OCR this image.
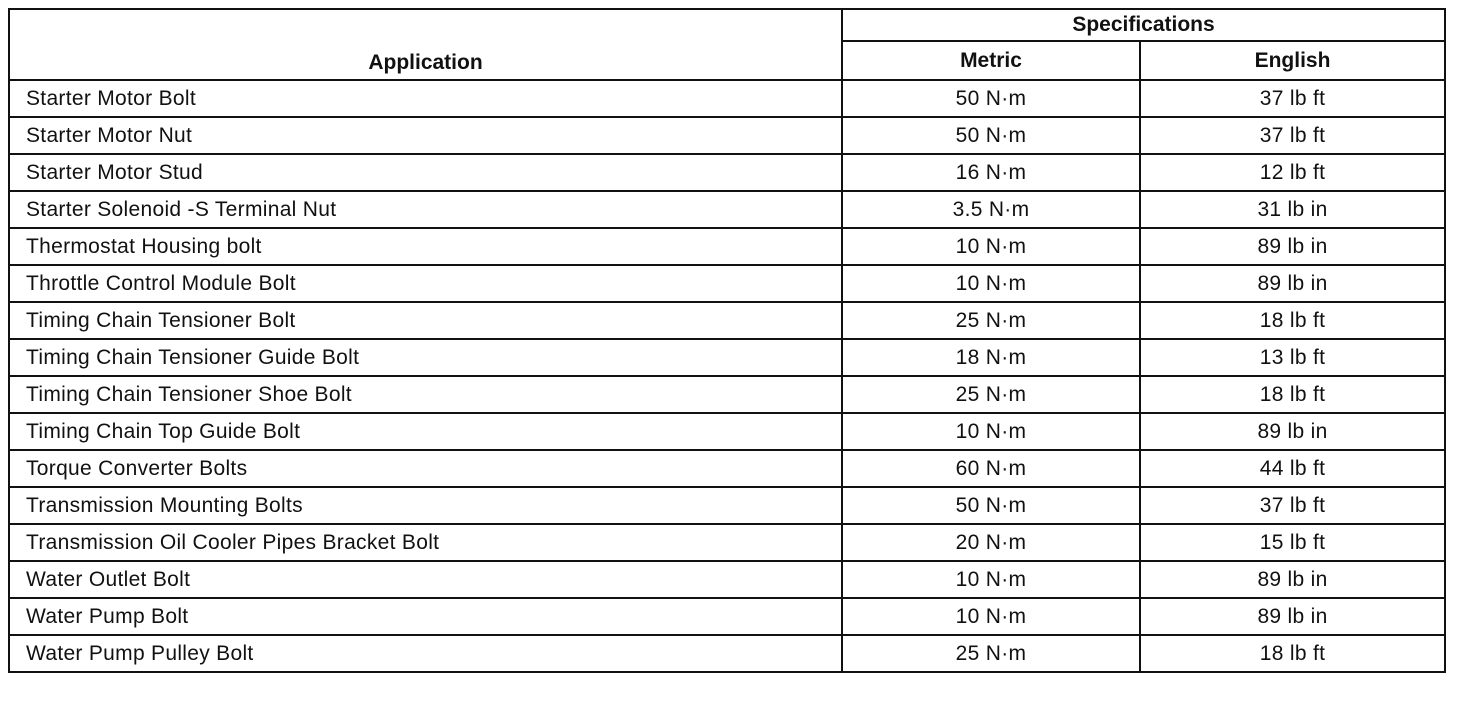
Application	Specifications	
	Metric	English
Starter Motor Bolt	50 N·m	37 lb ft
Starter Motor Nut	50 N·m	37 lb ft
Starter Motor Stud	16 N·m	12 lb ft
Starter Solenoid -S Terminal Nut	3.5 N·m	31 lb in
Thermostat Housing bolt	10 N·m	89 lb in
Throttle Control Module Bolt	10 N·m	89 lb in
Timing Chain Tensioner Bolt	25 N·m	18 lb ft
Timing Chain Tensioner Guide Bolt	18 N·m	13 lb ft
Timing Chain Tensioner Shoe Bolt	25 N·m	18 lb ft
Timing Chain Top Guide Bolt	10 N·m	89 lb in
Torque Converter Bolts	60 N·m	44 lb ft
Transmission Mounting Bolts	50 N·m	37 lb ft
Transmission Oil Cooler Pipes Bracket Bolt	20 N·m	15 lb ft
Water Outlet Bolt	10 N·m	89 lb in
Water Pump Bolt	10 N·m	89 lb in
Water Pump Pulley Bolt	25 N·m	18 lb ft
